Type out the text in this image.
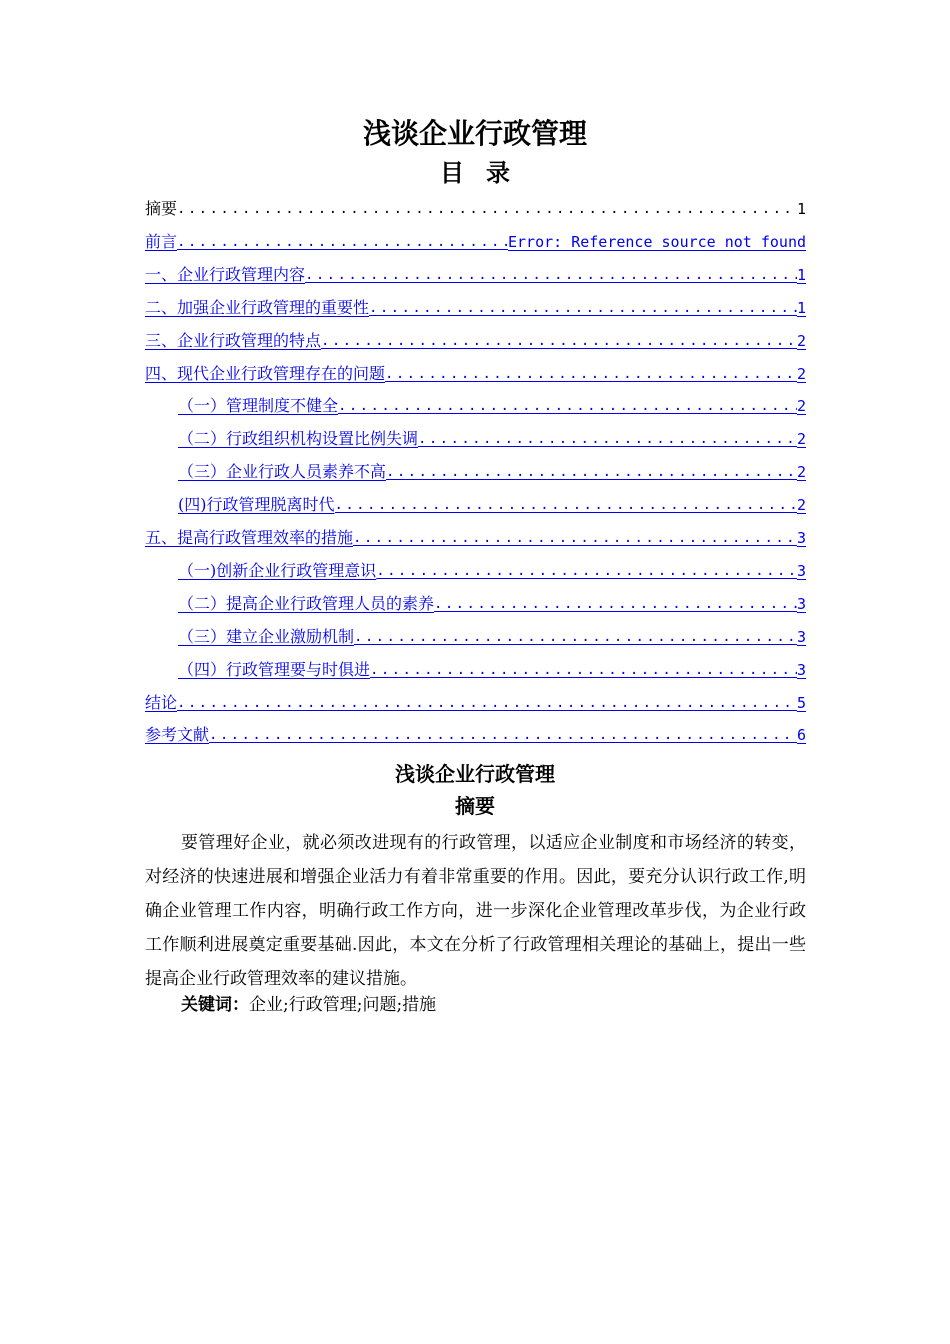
浅谈企业行政管理
目录
摘要 .....	1
前言 .....	Error: Reference source not found
一、企业行政管理内容 .....	1
二、加强企业行政管理的重要性 .....	1
三、企业行政管理的特点 .....	2
四、现代企业行政管理存在的问题 .....	2
（一）管理制度不健全 .....	2
（二）行政组织机构设置比例失调 .....	2
（三）企业行政人员素养不高 .....	2
(四)行政管理脱离时代 .....	2
五、提高行政管理效率的措施 .....	3
（一)创新企业行政管理意识 .....	3
（二）提高企业行政管理人员的素养 .....	3
（三）建立企业激励机制 .....	3
（四）行政管理要与时俱进 .....	3
结论 .....	5
参考文献 .....	6
浅谈企业行政管理
摘要

要管理好企业，就必须改进现有的行政管理，以适应企业制度和市场经济的转变，对经济的快速进展和增强企业活力有着非常重要的作用。因此，要充分认识行政工作,明确企业管理工作内容，明确行政工作方向，进一步深化企业管理改革步伐，为企业行政工作顺利进展奠定重要基础.因此，本文在分析了行政管理相关理论的基础上，提出一些提高企业行政管理效率的建议措施。

关键词：企业;行政管理;问题;措施
